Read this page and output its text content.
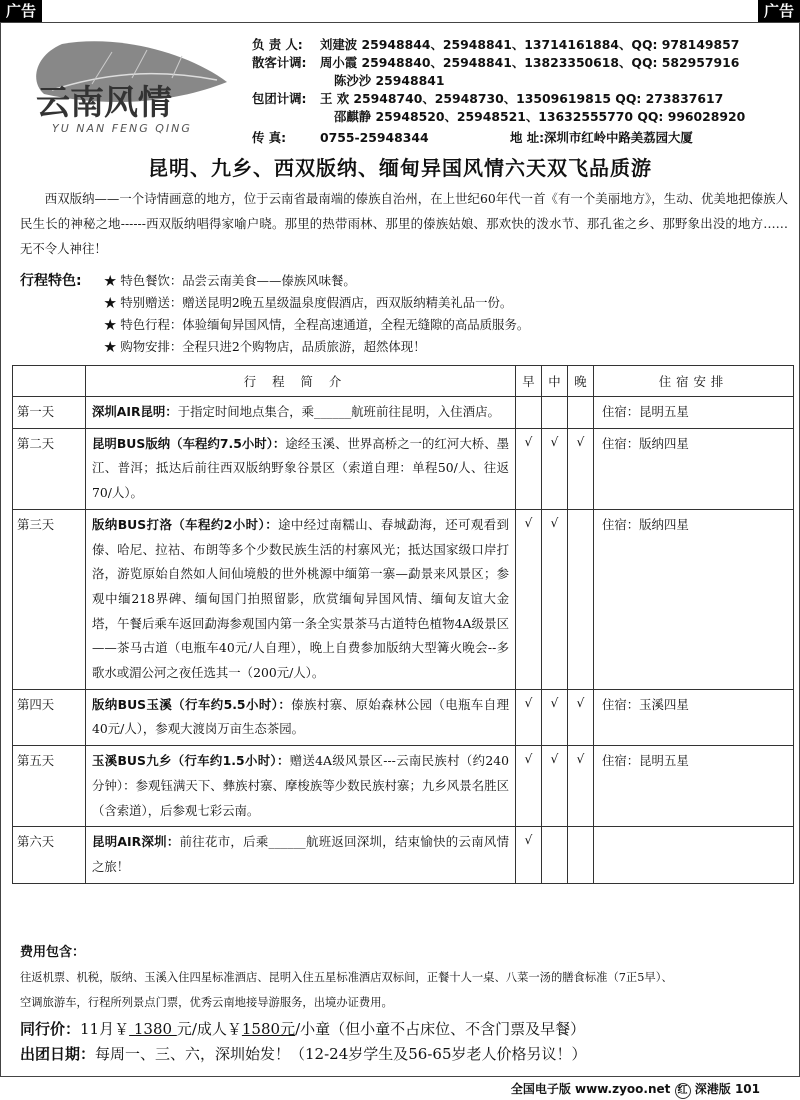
广告	广告
云南风情
YU NAN FENG QING
负 责 人:	刘建波 25948844、25948841、13714161884、QQ: 978149857
散客计调:	周小霞 25948840、25948841、13823350618、QQ: 582957916
陈沙沙 25948841
包团计调:	王 欢 25948740、25948730、13509619815 QQ: 273837617
邵麒静 25948520、25948521、13632555770 QQ: 996028920
传 真:	0755-25948344	地 址:深圳市红岭中路美荔园大厦
昆明、九乡、西双版纳、缅甸异国风情六天双飞品质游
西双版纳——一个诗情画意的地方，位于云南省最南端的傣族自治州，在上世纪60年代一首《有一个美丽地方》，生动、优美地把傣族人民生长的神秘之地------西双版纳唱得家喻户晓。那里的热带雨林、那里的傣族姑娘、那欢快的泼水节、那孔雀之乡、那野象出没的地方……无不令人神往！
行程特色: ★ 特色餐饮：品尝云南美食——傣族风味餐。
★ 特别赠送：赠送昆明2晚五星级温泉度假酒店，西双版纳精美礼品一份。
★ 特色行程：体验缅甸异国风情，全程高速通道，全程无缝隙的高品质服务。
★ 购物安排：全程只进2个购物店，品质旅游，超然体现！
	行程简介	早	中	晚	住宿安排
第一天	深圳AIR昆明：于指定时间地点集合，乘______航班前往昆明，入住酒店。				住宿：昆明五星
第二天	昆明BUS版纳（车程约7.5小时）：途经玉溪、世界高桥之一的红河大桥、墨江、普洱；抵达后前往西双版纳野象谷景区（索道自理：单程50/人、往返70/人）。	√	√	√	住宿：版纳四星
第三天	版纳BUS打洛（车程约2小时）：途中经过南糯山、春城勐海，还可观看到傣、哈尼、拉祜、布朗等多个少数民族生活的村寨风光；抵达国家级口岸打洛，游览原始自然如人间仙境般的世外桃源中缅第一寨—勐景来风景区；参观中缅218界碑、缅甸国门拍照留影，欣赏缅甸异国风情、缅甸友谊大金塔，午餐后乘车返回勐海参观国内第一条全实景茶马古道特色植物4A级景区——茶马古道（电瓶车40元/人自理），晚上自费参加版纳大型篝火晚会--多歌水或湄公河之夜任选其一（200元/人）。	√	√		住宿：版纳四星
第四天	版纳BUS玉溪（行车约5.5小时）：傣族村寨、原始森林公园（电瓶车自理40元/人），参观大渡岗万亩生态茶园。	√	√	√	住宿：玉溪四星
第五天	玉溪BUS九乡（行车约1.5小时）：赠送4A级风景区---云南民族村（约240分钟）：参观钰满天下、彝族村寨、摩梭族等少数民族村寨；九乡风景名胜区（含索道），后参观七彩云南。	√	√	√	住宿：昆明五星
第六天	昆明AIR深圳：前往花市，后乘______航班返回深圳，结束愉快的云南风情之旅！	√			
费用包含：
往返机票、机税，版纳、玉溪入住四星标准酒店、昆明入住五星标准酒店双标间，正餐十人一桌、八菜一汤的膳食标准（7正5早）、
空调旅游车，行程所列景点门票，优秀云南地接导游服务，出境办证费用。
同行价：11月￥ 1380 元/成人￥1580元/小童（但小童不占床位、不含门票及早餐）
出团日期：每周一、三、六，深圳始发！（12-24岁学生及56-65岁老人价格另议！）
全国电子版 www.zyoo.net 红 深港版 101
